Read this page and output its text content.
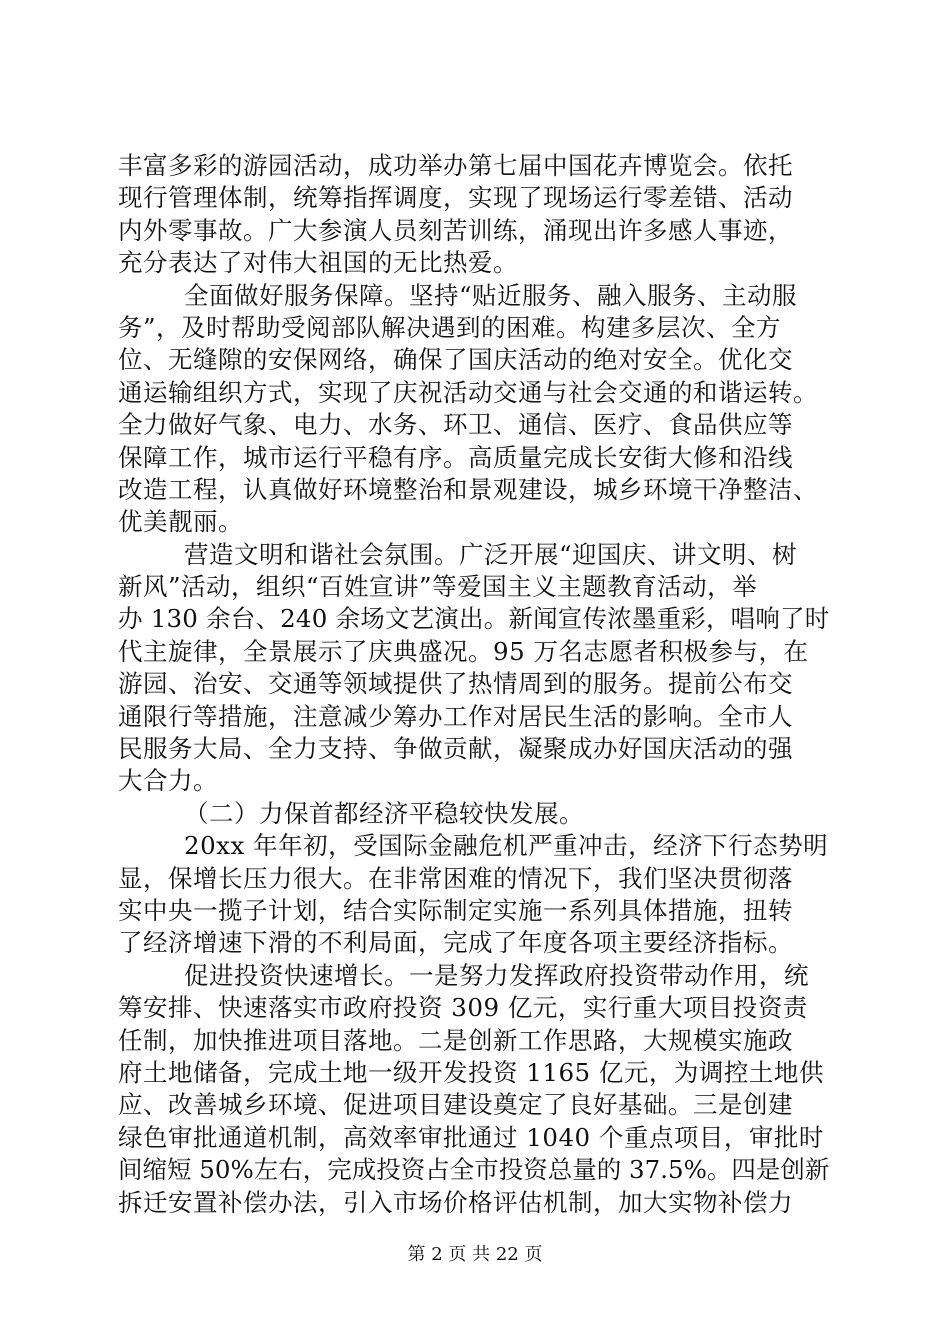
丰富多彩的游园活动，成功举办第七届中国花卉博览会。依托
现行管理体制，统筹指挥调度，实现了现场运行零差错、活动
内外零事故。广大参演人员刻苦训练，涌现出许多感人事迹，
充分表达了对伟大祖国的无比热爱。
全面做好服务保障。坚持“贴近服务、融入服务、主动服
务”，及时帮助受阅部队解决遇到的困难。构建多层次、全方
位、无缝隙的安保网络，确保了国庆活动的绝对安全。优化交
通运输组织方式，实现了庆祝活动交通与社会交通的和谐运转。
全力做好气象、电力、水务、环卫、通信、医疗、食品供应等
保障工作，城市运行平稳有序。高质量完成长安街大修和沿线
改造工程，认真做好环境整治和景观建设，城乡环境干净整洁、
优美靓丽。
营造文明和谐社会氛围。广泛开展“迎国庆、讲文明、树
新风”活动，组织“百姓宣讲”等爱国主义主题教育活动，举
办 130 余台、240 余场文艺演出。新闻宣传浓墨重彩，唱响了时
代主旋律，全景展示了庆典盛况。95 万名志愿者积极参与，在
游园、治安、交通等领域提供了热情周到的服务。提前公布交
通限行等措施，注意减少筹办工作对居民生活的影响。全市人
民服务大局、全力支持、争做贡献，凝聚成办好国庆活动的强
大合力。
（二）力保首都经济平稳较快发展。
20xx 年年初，受国际金融危机严重冲击，经济下行态势明
显，保增长压力很大。在非常困难的情况下，我们坚决贯彻落
实中央一揽子计划，结合实际制定实施一系列具体措施，扭转
了经济增速下滑的不利局面，完成了年度各项主要经济指标。
促进投资快速增长。一是努力发挥政府投资带动作用，统
筹安排、快速落实市政府投资 309 亿元，实行重大项目投资责
任制，加快推进项目落地。二是创新工作思路，大规模实施政
府土地储备，完成土地一级开发投资 1165 亿元，为调控土地供
应、改善城乡环境、促进项目建设奠定了良好基础。三是创建
绿色审批通道机制，高效率审批通过 1040 个重点项目，审批时
间缩短 50%左右，完成投资占全市投资总量的 37.5%。四是创新
拆迁安置补偿办法，引入市场价格评估机制，加大实物补偿力
第 2 页 共 22 页
